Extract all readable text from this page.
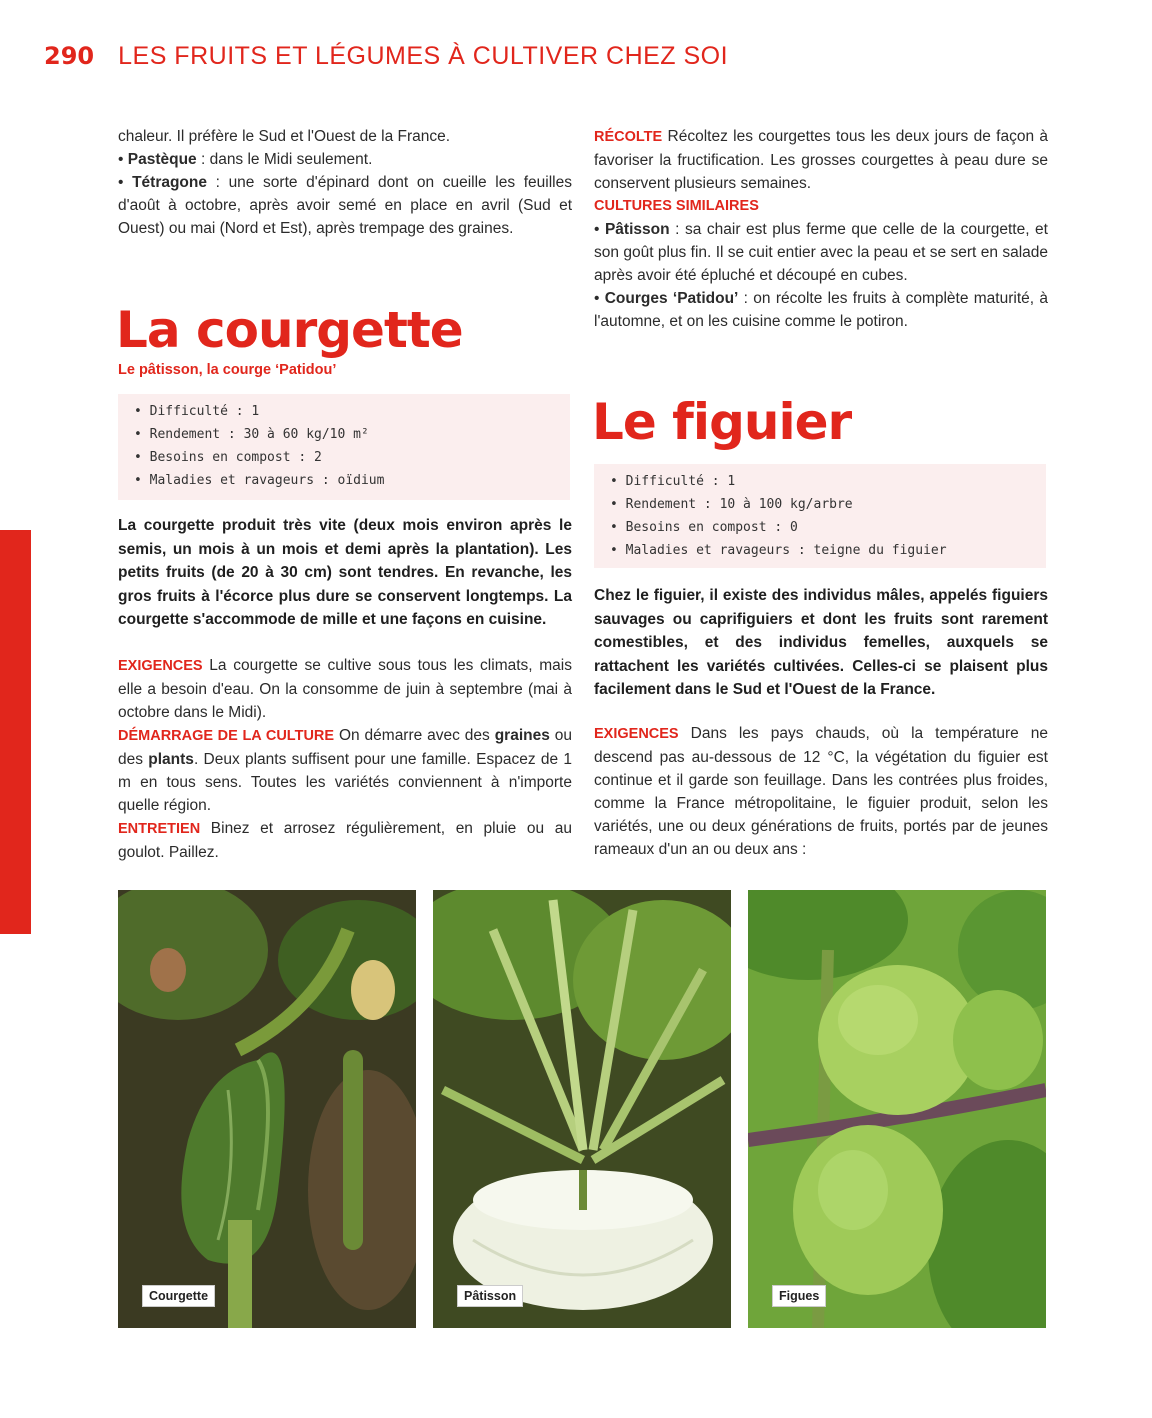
290 LES FRUITS ET LÉGUMES À CULTIVER CHEZ SOI

chaleur. Il préfère le Sud et l'Ouest de la France.

• Pastèque : dans le Midi seulement.

• Tétragone : une sorte d'épinard dont on cueille les feuilles d'août à octobre, après avoir semé en place en avril (Sud et Ouest) ou mai (Nord et Est), après trempage des graines.

La courgette
Le pâtisson, la courge ‘Patidou’
• Difficulté : 1
• Rendement : 30 à 60 kg/10 m²
• Besoins en compost : 2
• Maladies et ravageurs : oïdium
La courgette produit très vite (deux mois environ après le semis, un mois à un mois et demi après la plantation). Les petits fruits (de 20 à 30 cm) sont tendres. En revanche, les gros fruits à l'écorce plus dure se conservent longtemps. La courgette s'accommode de mille et une façons en cuisine.

EXIGENCES La courgette se cultive sous tous les climats, mais elle a besoin d'eau. On la consomme de juin à septembre (mai à octobre dans le Midi).

DÉMARRAGE DE LA CULTURE On démarre avec des graines ou des plants. Deux plants suffisent pour une famille. Espacez de 1 m en tous sens. Toutes les variétés conviennent à n'importe quelle région.

ENTRETIEN Binez et arrosez régulièrement, en pluie ou au goulot. Paillez.

RÉCOLTE Récoltez les courgettes tous les deux jours de façon à favoriser la fructification. Les grosses courgettes à peau dure se conservent plusieurs semaines.

CULTURES SIMILAIRES

• Pâtisson : sa chair est plus ferme que celle de la courgette, et son goût plus fin. Il se cuit entier avec la peau et se sert en salade après avoir été épluché et découpé en cubes.

• Courges ‘Patidou’ : on récolte les fruits à complète maturité, à l'automne, et on les cuisine comme le potiron.

Le figuier
• Difficulté : 1
• Rendement : 10 à 100 kg/arbre
• Besoins en compost : 0
• Maladies et ravageurs : teigne du figuier
Chez le figuier, il existe des individus mâles, appelés figuiers sauvages ou caprifiguiers et dont les fruits sont rarement comestibles, et des individus femelles, auxquels se rattachent les variétés cultivées. Celles-ci se plaisent plus facilement dans le Sud et l'Ouest de la France.

EXIGENCES Dans les pays chauds, où la température ne descend pas au-dessous de 12 °C, la végétation du figuier est continue et il garde son feuillage. Dans les contrées plus froides, comme la France métropolitaine, le figuier produit, selon les variétés, une ou deux générations de fruits, portés par de jeunes rameaux d'un an ou deux ans :

Courgette	Pâtisson	Figues
